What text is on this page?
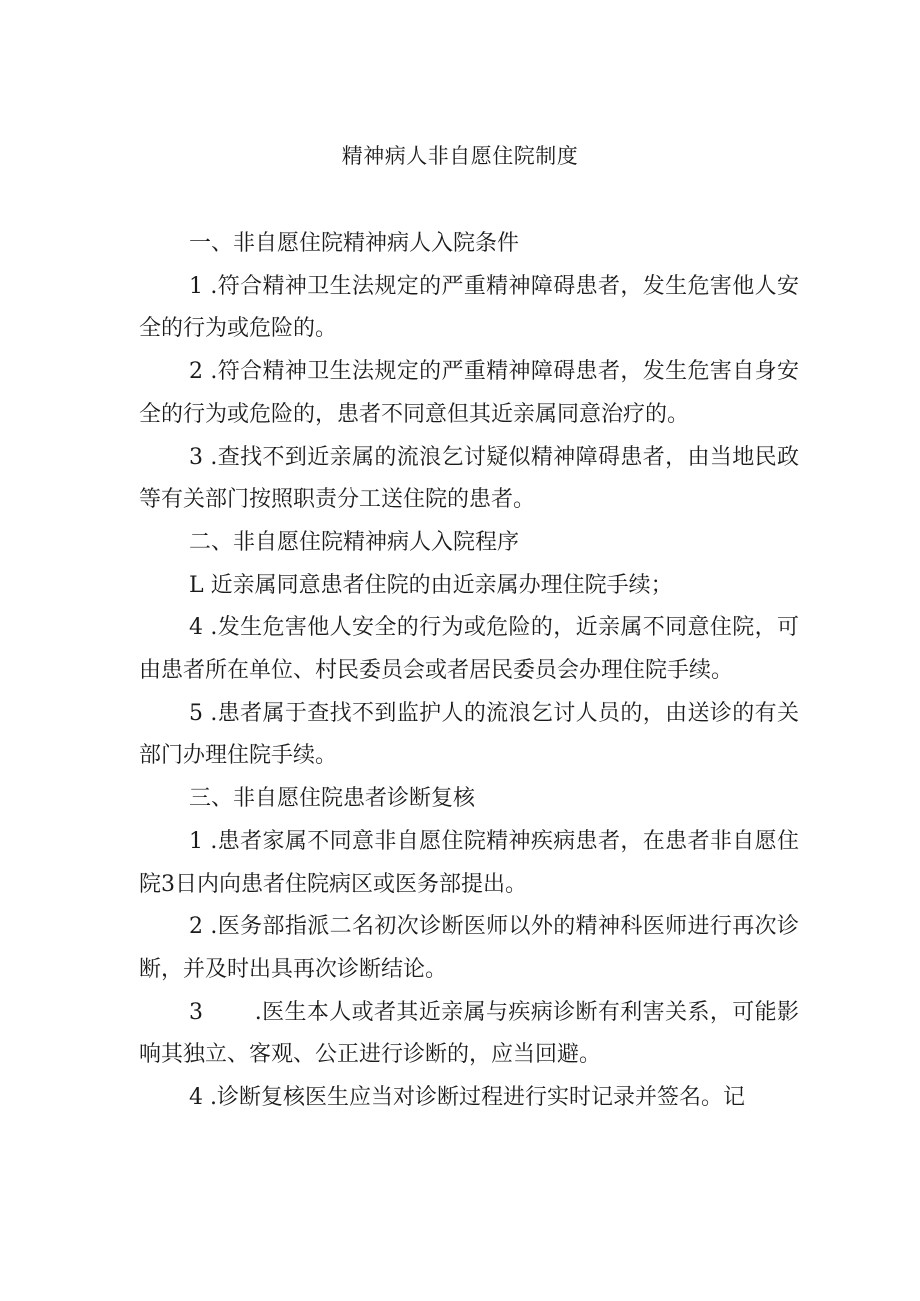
精神病人非自愿住院制度

一、非自愿住院精神病人入院条件

1 .符合精神卫生法规定的严重精神障碍患者，发生危害他人安全的行为或危险的。

2 .符合精神卫生法规定的严重精神障碍患者，发生危害自身安全的行为或危险的，患者不同意但其近亲属同意治疗的。

3 .查找不到近亲属的流浪乞讨疑似精神障碍患者，由当地民政等有关部门按照职责分工送住院的患者。

二、非自愿住院精神病人入院程序

L 近亲属同意患者住院的由近亲属办理住院手续；

4 .发生危害他人安全的行为或危险的，近亲属不同意住院，可由患者所在单位、村民委员会或者居民委员会办理住院手续。

5 .患者属于查找不到监护人的流浪乞讨人员的，由送诊的有关部门办理住院手续。

三、非自愿住院患者诊断复核

1 .患者家属不同意非自愿住院精神疾病患者，在患者非自愿住院3日内向患者住院病区或医务部提出。

2 .医务部指派二名初次诊断医师以外的精神科医师进行再次诊断，并及时出具再次诊断结论。

3 .医生本人或者其近亲属与疾病诊断有利害关系，可能影响其独立、客观、公正进行诊断的，应当回避。

4 .诊断复核医生应当对诊断过程进行实时记录并签名。记
